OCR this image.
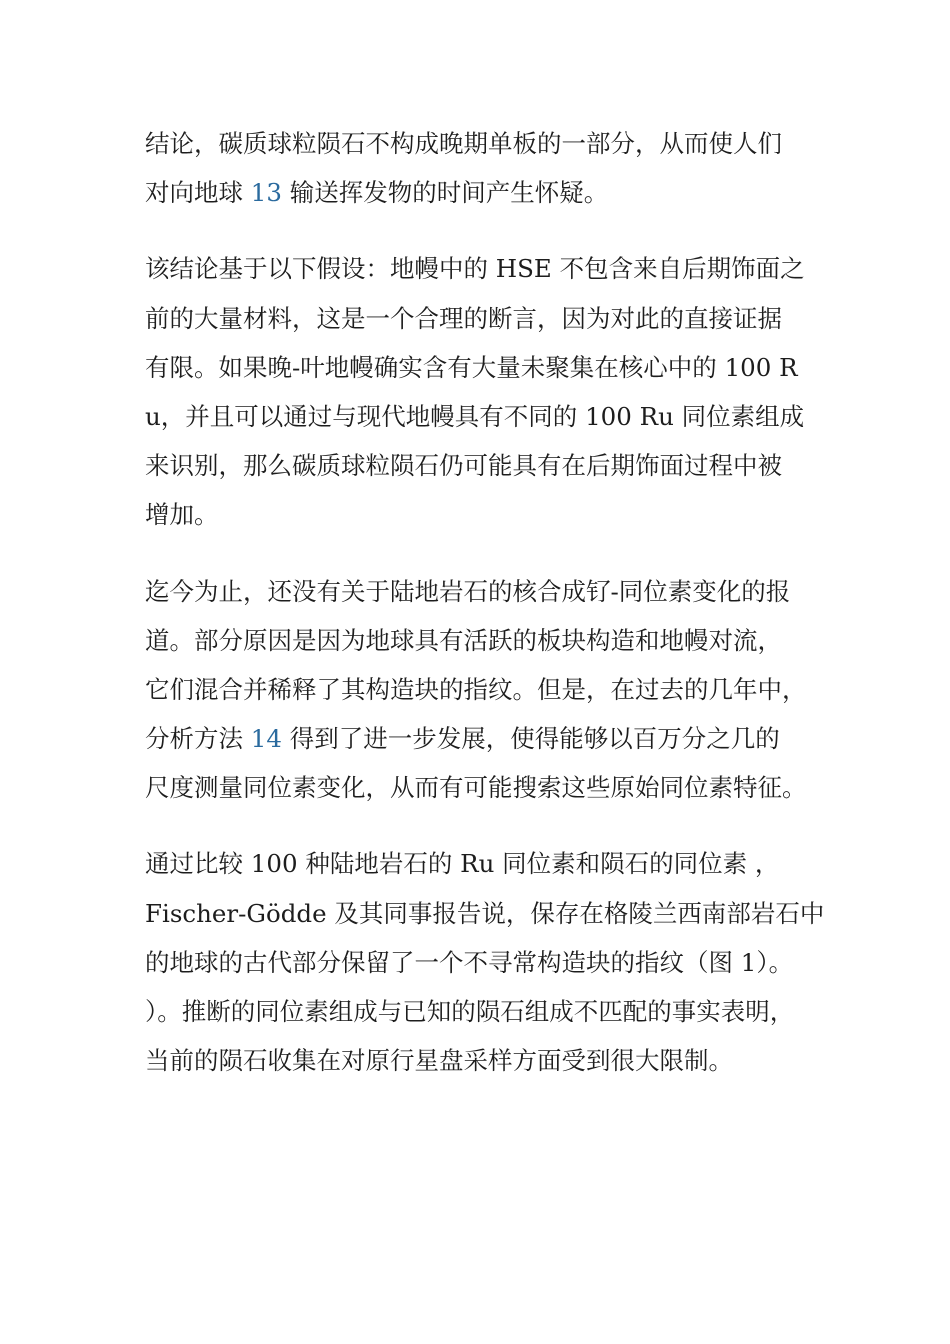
结论，碳质球粒陨石不构成晚期单板的一部分，从而使人们
对向地球 13 输送挥发物的时间产生怀疑。
该结论基于以下假设：地幔中的 HSE 不包含来自后期饰面之
前的大量材料，这是一个合理的断言，因为对此的直接证据
有限。如果晚-叶地幔确实含有大量未聚集在核心中的 100 R
u，并且可以通过与现代地幔具有不同的 100 Ru 同位素组成
来识别，那么碳质球粒陨石仍可能具有在后期饰面过程中被
增加。
迄今为止，还没有关于陆地岩石的核合成钌-同位素变化的报
道。部分原因是因为地球具有活跃的板块构造和地幔对流，
它们混合并稀释了其构造块的指纹。但是，在过去的几年中，
分析方法 14 得到了进一步发展，使得能够以百万分之几的
尺度测量同位素变化，从而有可能搜索这些原始同位素特征。
通过比较 100 种陆地岩石的 Ru 同位素和陨石的同位素 ，
Fischer-Gödde 及其同事报告说，保存在格陵兰西南部岩石中
的地球的古代部分保留了一个不寻常构造块的指纹（图 1）。
）。推断的同位素组成与已知的陨石组成不匹配的事实表明，
当前的陨石收集在对原行星盘采样方面受到很大限制。
